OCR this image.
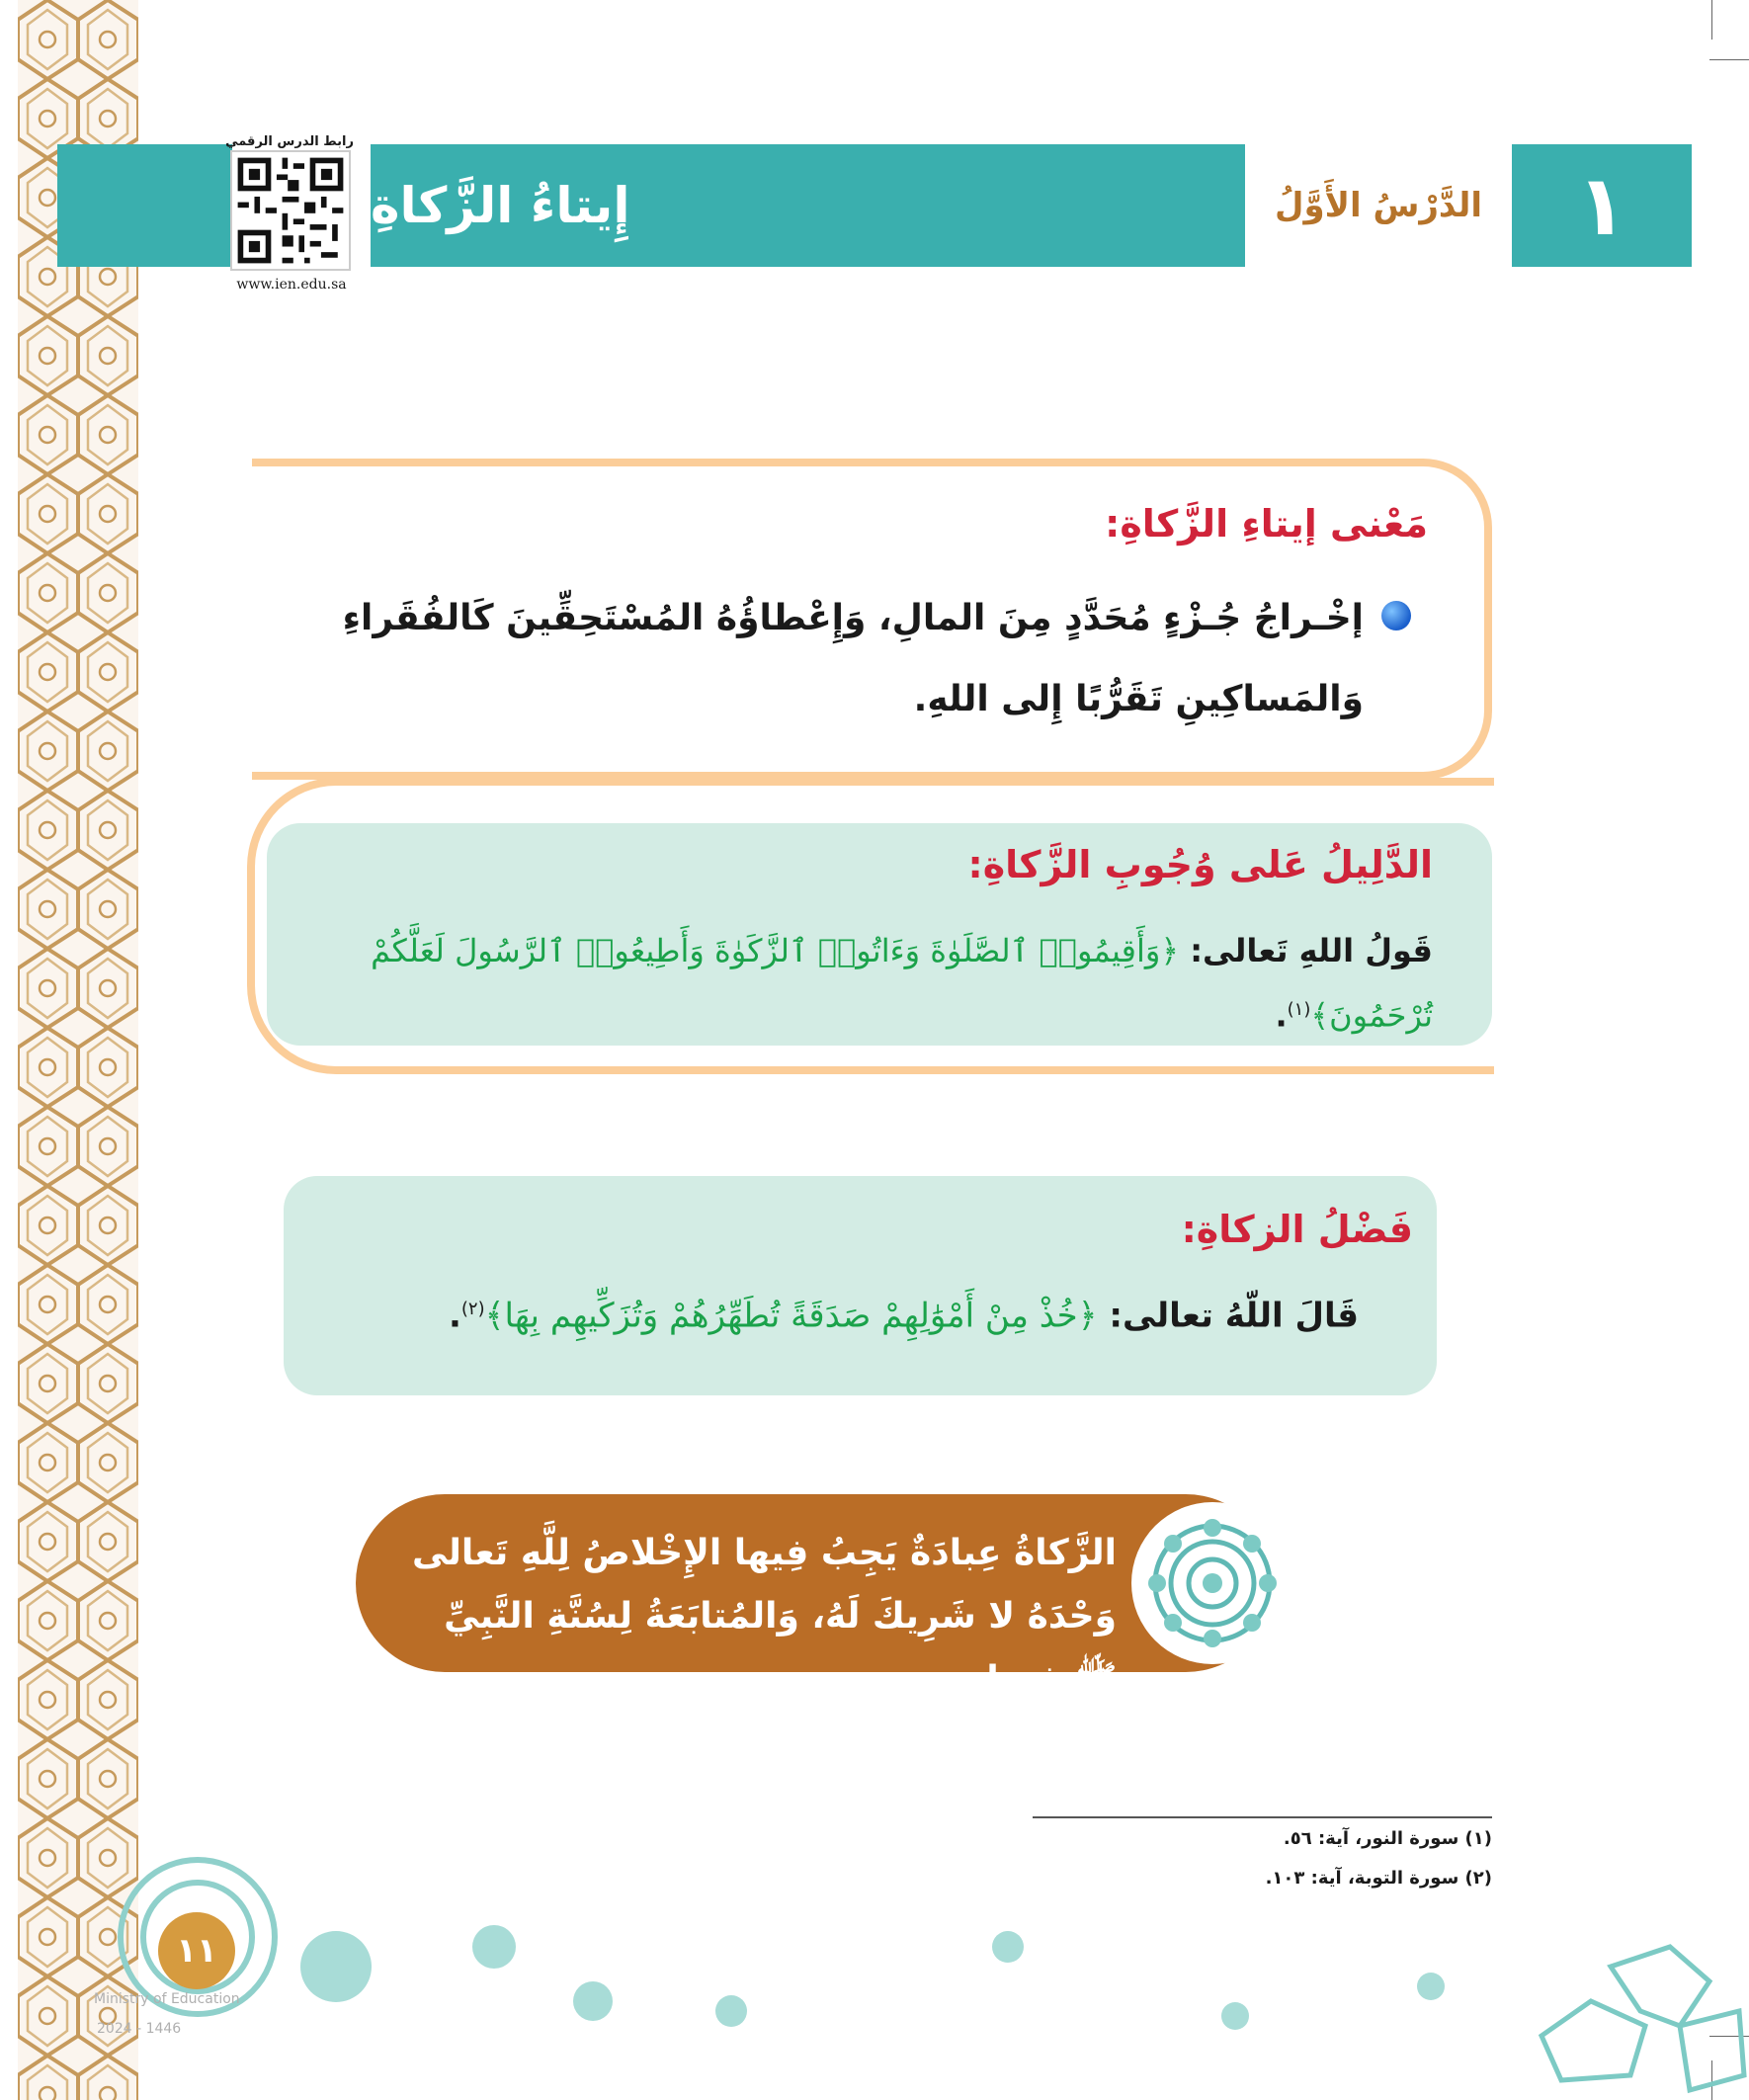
١
الدَّرْسُ الأَوَّلُ
إِيتاءُ الزَّكاةِ
رابط الدرس الرقمي
www.ien.edu.sa
مَعْنى إيتاءِ الزَّكاةِ:
إخْـراجُ جُـزْءٍ مُحَدَّدٍ مِنَ المالِ، وَإِعْطاؤُهُ المُسْتَحِقِّينَ كَالفُقَراءِ وَالمَساكِينِ تَقَرُّبًا إِلى اللهِ.
الدَّلِيلُ عَلى وُجُوبِ الزَّكاةِ:
قَولُ اللهِ تَعالى: ﴿وَأَقِيمُوا۟ ٱلصَّلَوٰةَ وَءَاتُوا۟ ٱلزَّكَوٰةَ وَأَطِيعُوا۟ ٱلرَّسُولَ لَعَلَّكُمْ تُرْحَمُونَ﴾$^{(١)}$.
فَضْلُ الزكاةِ:
قَالَ اللّهُ تعالى: ﴿خُذْ مِنْ أَمْوَٰلِهِمْ صَدَقَةً تُطَهِّرُهُمْ وَتُزَكِّيهِم بِهَا﴾$^{(٢)}$.
الزَّكاةُ عِبادَةٌ يَجِبُ فِيها الإِخْلاصُ لِلَّهِ تَعالى وَحْدَهُ لا شَرِيكَ لَهُ، وَالمُتابَعَةُ لِسُنَّةِ النَّبِيِّ ﷺ فِيها.
(١) سورة النور، آية: ٥٦.
(٢) سورة التوبة، آية: ١٠٣.
١١
Ministry of Education
2024 - 1446
